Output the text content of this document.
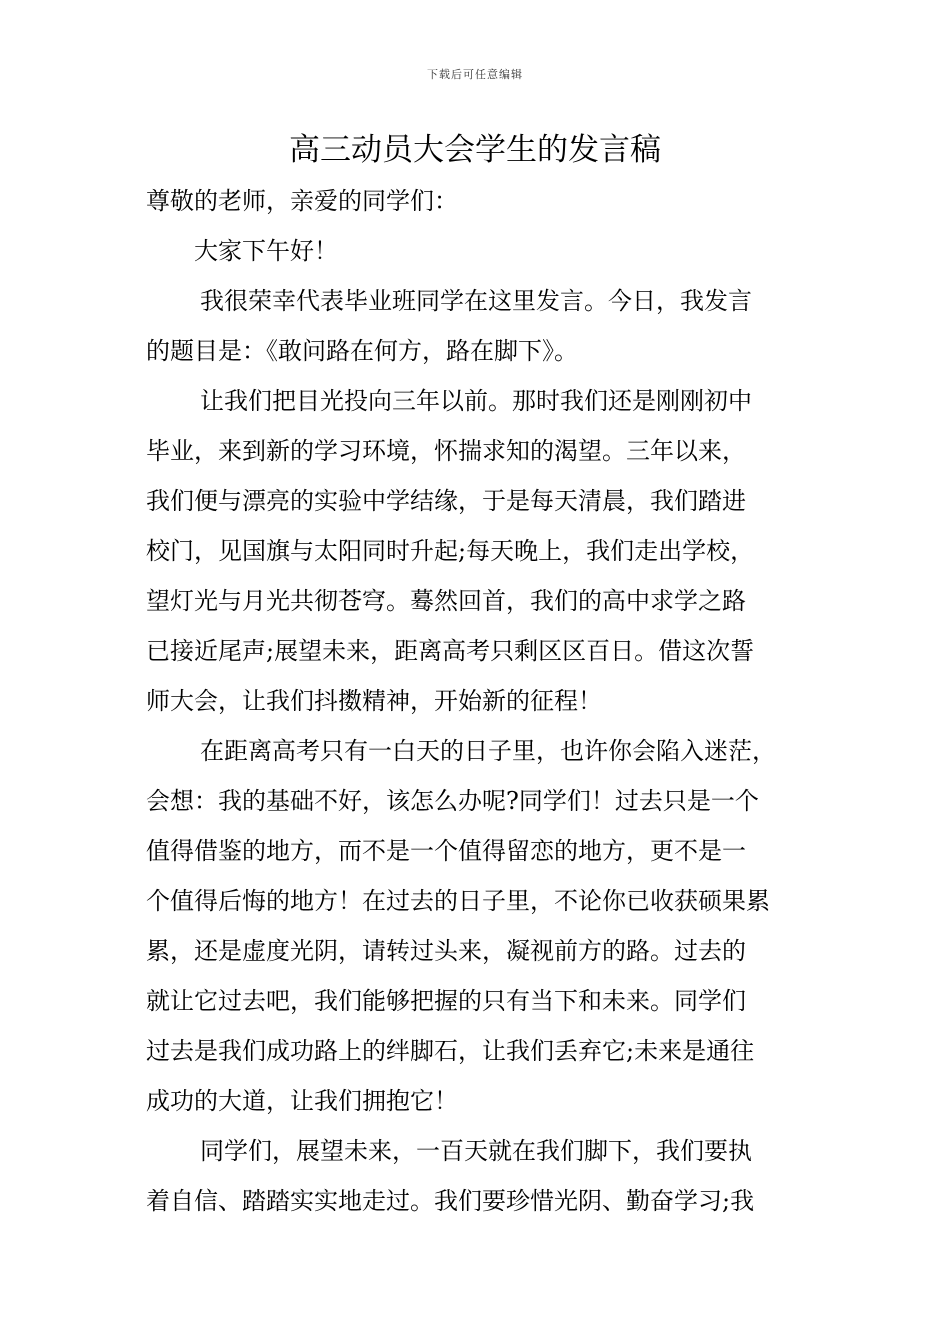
下载后可任意编辑
高三动员大会学生的发言稿
尊敬的老师，亲爱的同学们：
大家下午好！
我很荣幸代表毕业班同学在这里发言。今日，我发言
的题目是：《敢问路在何方，路在脚下》。
让我们把目光投向三年以前。那时我们还是刚刚初中
毕业，来到新的学习环境，怀揣求知的渴望。三年以来，
我们便与漂亮的实验中学结缘，于是每天清晨，我们踏进
校门，见国旗与太阳同时升起;每天晚上，我们走出学校，
望灯光与月光共彻苍穹。蓦然回首，我们的高中求学之路
已接近尾声;展望未来，距离高考只剩区区百日。借这次誓
师大会，让我们抖擞精神，开始新的征程！
在距离高考只有一白天的日子里，也许你会陷入迷茫，
会想：我的基础不好，该怎么办呢?同学们！过去只是一个
值得借鉴的地方，而不是一个值得留恋的地方，更不是一
个值得后悔的地方！在过去的日子里，不论你已收获硕果累
累，还是虚度光阴，请转过头来，凝视前方的路。过去的
就让它过去吧，我们能够把握的只有当下和未来。同学们
过去是我们成功路上的绊脚石，让我们丢弃它;未来是通往
成功的大道，让我们拥抱它！
同学们，展望未来，一百天就在我们脚下，我们要执
着自信、踏踏实实地走过。我们要珍惜光阴、勤奋学习;我
